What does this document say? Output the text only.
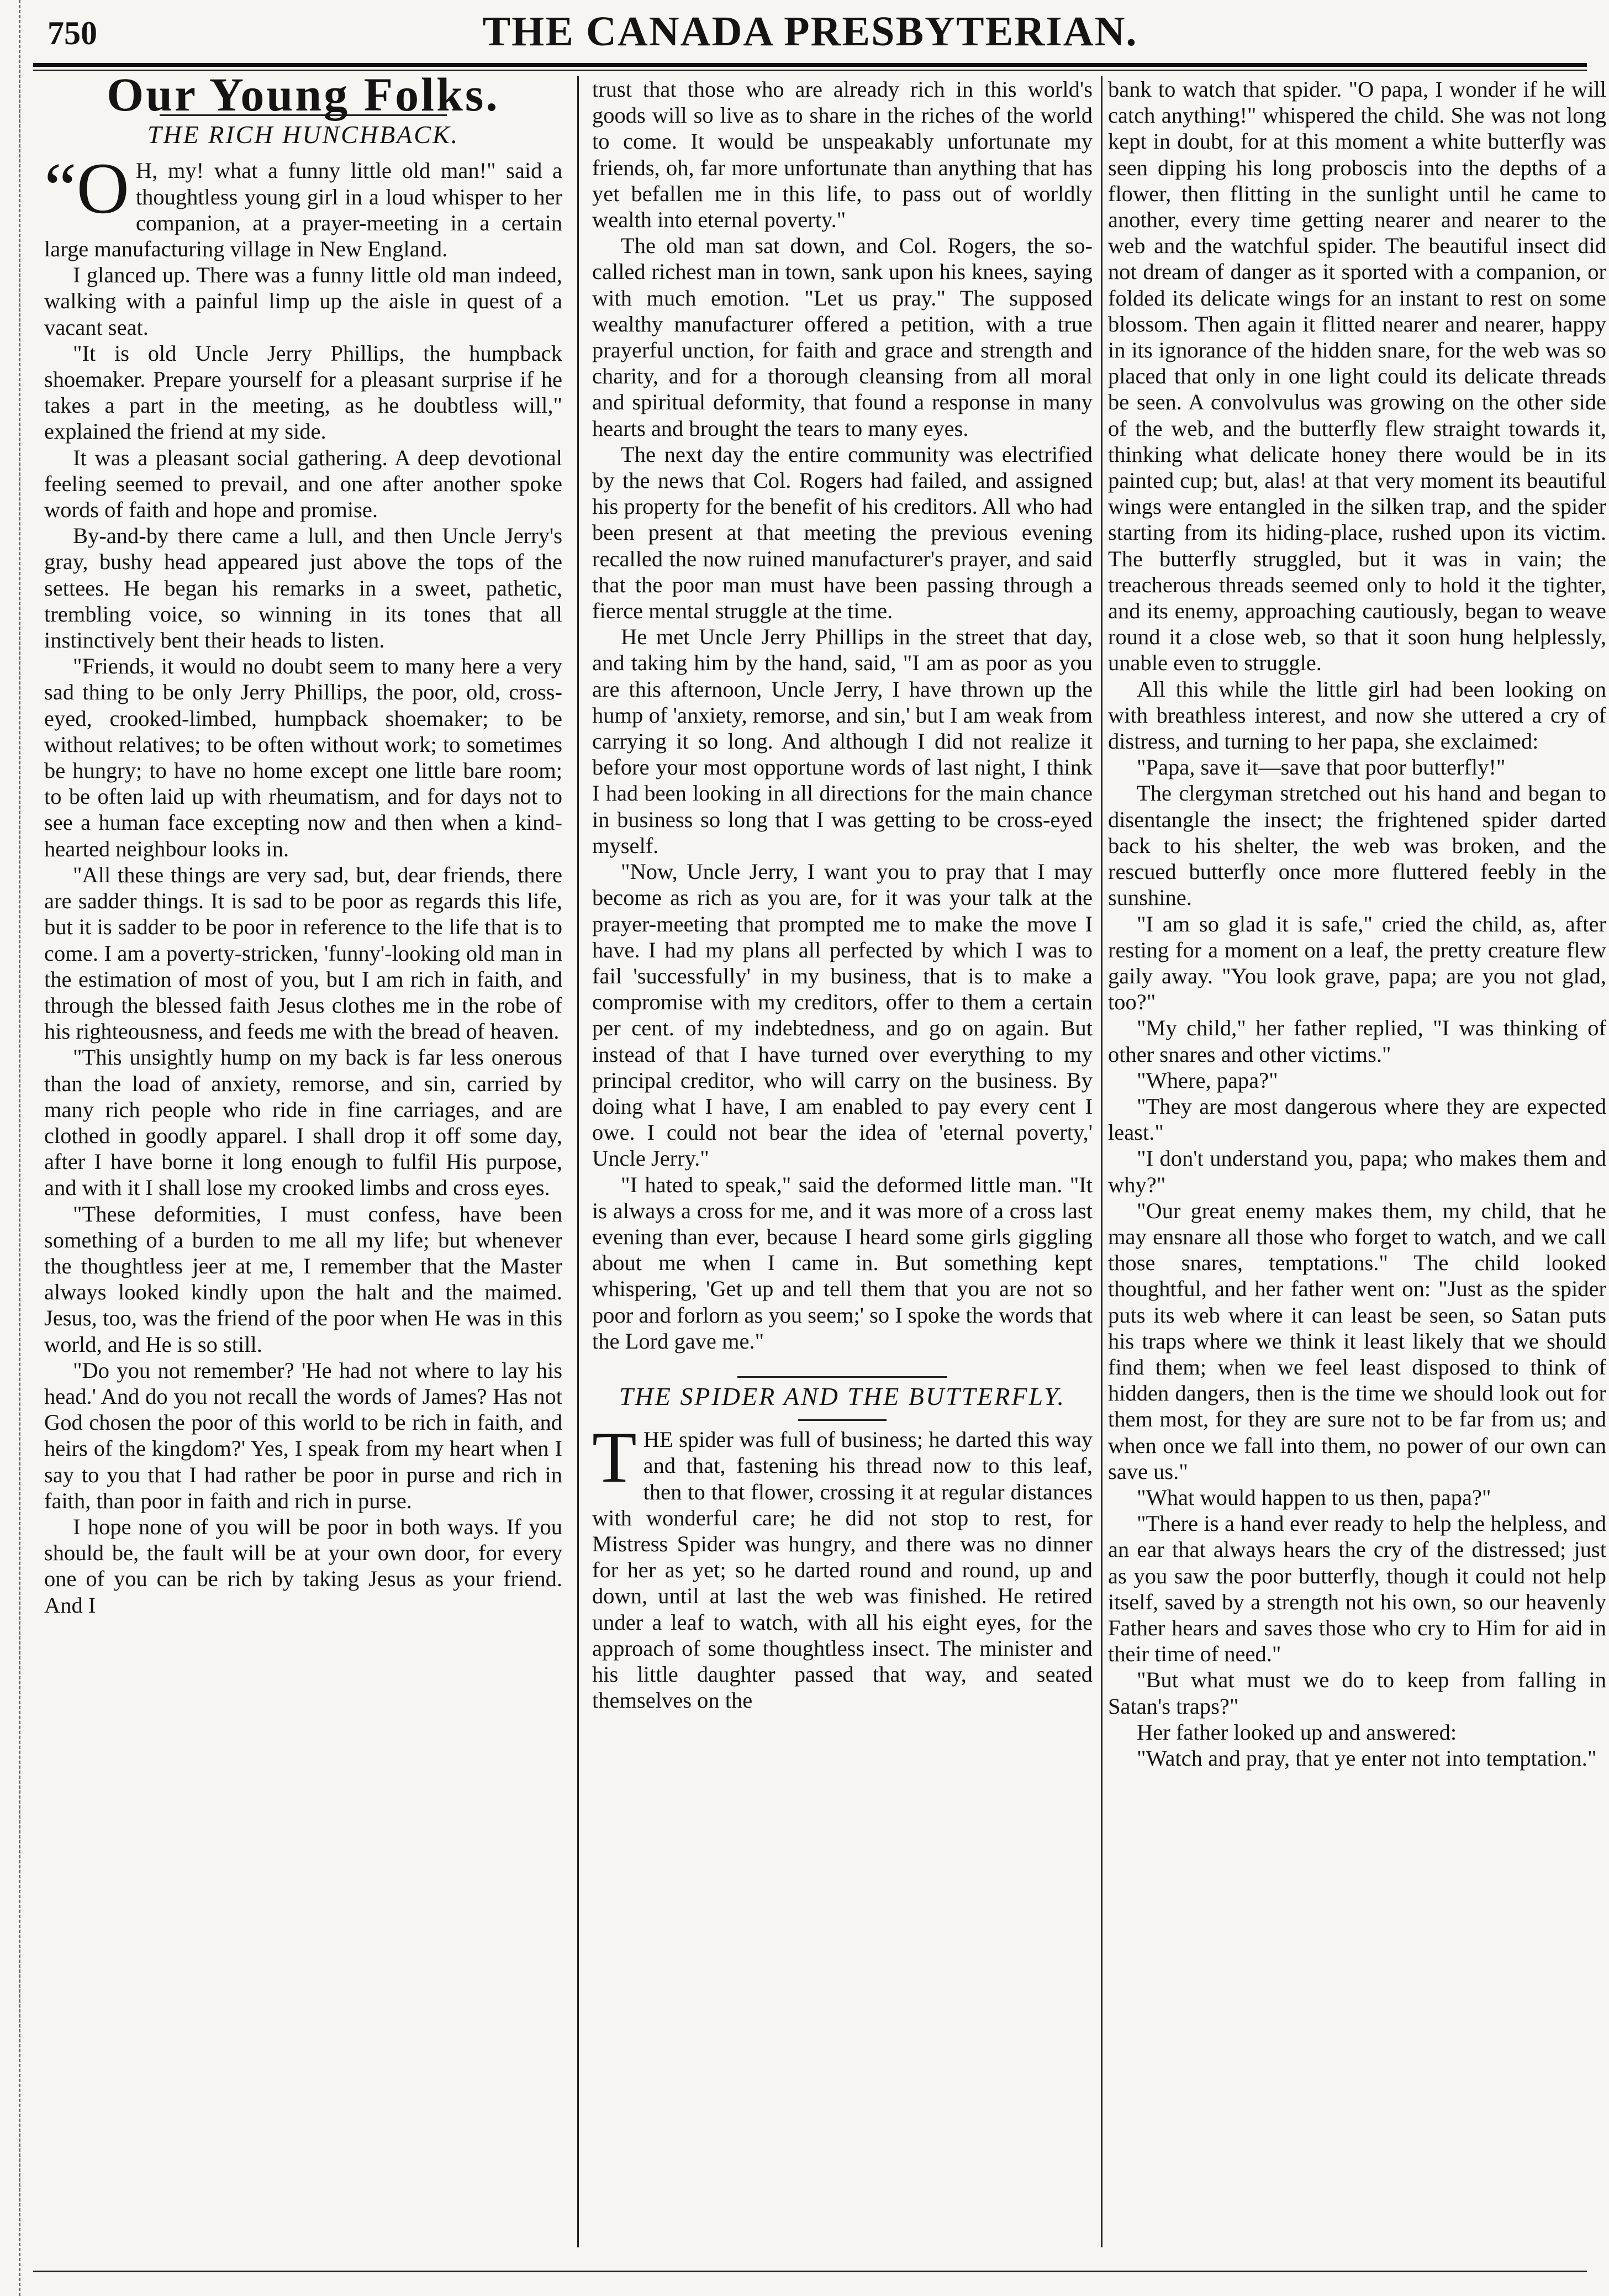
750	THE CANADA PRESBYTERIAN.
Our Young Folks.
THE RICH HUNCHBACK.

“O H, my! what a funny little old man!" said a thoughtless young girl in a loud whisper to her companion, at a prayer-meeting in a certain large manufacturing village in New England.

I glanced up. There was a funny little old man indeed, walking with a painful limp up the aisle in quest of a vacant seat.

"It is old Uncle Jerry Phillips, the humpback shoemaker. Prepare yourself for a pleasant surprise if he takes a part in the meeting, as he doubtless will," explained the friend at my side.

It was a pleasant social gathering. A deep devotional feeling seemed to prevail, and one after another spoke words of faith and hope and promise.

By-and-by there came a lull, and then Uncle Jerry's gray, bushy head appeared just above the tops of the settees. He began his remarks in a sweet, pathetic, trembling voice, so winning in its tones that all instinctively bent their heads to listen.

"Friends, it would no doubt seem to many here a very sad thing to be only Jerry Phillips, the poor, old, cross-eyed, crooked-limbed, humpback shoemaker; to be without relatives; to be often without work; to sometimes be hungry; to have no home except one little bare room; to be often laid up with rheumatism, and for days not to see a human face excepting now and then when a kind-hearted neighbour looks in.

"All these things are very sad, but, dear friends, there are sadder things. It is sad to be poor as regards this life, but it is sadder to be poor in reference to the life that is to come. I am a poverty-stricken, 'funny'-looking old man in the estimation of most of you, but I am rich in faith, and through the blessed faith Jesus clothes me in the robe of his righteousness, and feeds me with the bread of heaven.

"This unsightly hump on my back is far less onerous than the load of anxiety, remorse, and sin, carried by many rich people who ride in fine carriages, and are clothed in goodly apparel. I shall drop it off some day, after I have borne it long enough to fulfil His purpose, and with it I shall lose my crooked limbs and cross eyes.

"These deformities, I must confess, have been something of a burden to me all my life; but whenever the thoughtless jeer at me, I remember that the Master always looked kindly upon the halt and the maimed. Jesus, too, was the friend of the poor when He was in this world, and He is so still.

"Do you not remember? 'He had not where to lay his head.' And do you not recall the words of James? Has not God chosen the poor of this world to be rich in faith, and heirs of the kingdom?' Yes, I speak from my heart when I say to you that I had rather be poor in purse and rich in faith, than poor in faith and rich in purse.

I hope none of you will be poor in both ways. If you should be, the fault will be at your own door, for every one of you can be rich by taking Jesus as your friend. And I

trust that those who are already rich in this world's goods will so live as to share in the riches of the world to come. It would be unspeakably unfortunate my friends, oh, far more unfortunate than anything that has yet befallen me in this life, to pass out of worldly wealth into eternal poverty."

The old man sat down, and Col. Rogers, the so-called richest man in town, sank upon his knees, saying with much emotion. "Let us pray." The supposed wealthy manufacturer offered a petition, with a true prayerful unction, for faith and grace and strength and charity, and for a thorough cleansing from all moral and spiritual deformity, that found a response in many hearts and brought the tears to many eyes.

The next day the entire community was electrified by the news that Col. Rogers had failed, and assigned his property for the benefit of his creditors. All who had been present at that meeting the previous evening recalled the now ruined manufacturer's prayer, and said that the poor man must have been passing through a fierce mental struggle at the time.

He met Uncle Jerry Phillips in the street that day, and taking him by the hand, said, "I am as poor as you are this afternoon, Uncle Jerry, I have thrown up the hump of 'anxiety, remorse, and sin,' but I am weak from carrying it so long. And although I did not realize it before your most opportune words of last night, I think I had been looking in all directions for the main chance in business so long that I was getting to be cross-eyed myself.

"Now, Uncle Jerry, I want you to pray that I may become as rich as you are, for it was your talk at the prayer-meeting that prompted me to make the move I have. I had my plans all perfected by which I was to fail 'successfully' in my business, that is to make a compromise with my creditors, offer to them a certain per cent. of my indebtedness, and go on again. But instead of that I have turned over everything to my principal creditor, who will carry on the business. By doing what I have, I am enabled to pay every cent I owe. I could not bear the idea of 'eternal poverty,' Uncle Jerry."

"I hated to speak," said the deformed little man. "It is always a cross for me, and it was more of a cross last evening than ever, because I heard some girls giggling about me when I came in. But something kept whispering, 'Get up and tell them that you are not so poor and forlorn as you seem;' so I spoke the words that the Lord gave me."

THE SPIDER AND THE BUTTERFLY.

THE spider was full of business; he darted this way and that, fastening his thread now to this leaf, then to that flower, crossing it at regular distances with wonderful care; he did not stop to rest, for Mistress Spider was hungry, and there was no dinner for her as yet; so he darted round and round, up and down, until at last the web was finished. He retired under a leaf to watch, with all his eight eyes, for the approach of some thoughtless insect. The minister and his little daughter passed that way, and seated themselves on the

bank to watch that spider. "O papa, I wonder if he will catch anything!" whispered the child. She was not long kept in doubt, for at this moment a white butterfly was seen dipping his long proboscis into the depths of a flower, then flitting in the sunlight until he came to another, every time getting nearer and nearer to the web and the watchful spider. The beautiful insect did not dream of danger as it sported with a companion, or folded its delicate wings for an instant to rest on some blossom. Then again it flitted nearer and nearer, happy in its ignorance of the hidden snare, for the web was so placed that only in one light could its delicate threads be seen. A convolvulus was growing on the other side of the web, and the butterfly flew straight towards it, thinking what delicate honey there would be in its painted cup; but, alas! at that very moment its beautiful wings were entangled in the silken trap, and the spider starting from its hiding-place, rushed upon its victim. The butterfly struggled, but it was in vain; the treacherous threads seemed only to hold it the tighter, and its enemy, approaching cautiously, began to weave round it a close web, so that it soon hung helplessly, unable even to struggle.

All this while the little girl had been looking on with breathless interest, and now she uttered a cry of distress, and turning to her papa, she exclaimed:

"Papa, save it—save that poor butterfly!"

The clergyman stretched out his hand and began to disentangle the insect; the frightened spider darted back to his shelter, the web was broken, and the rescued butterfly once more fluttered feebly in the sunshine.

"I am so glad it is safe," cried the child, as, after resting for a moment on a leaf, the pretty creature flew gaily away. "You look grave, papa; are you not glad, too?"

"My child," her father replied, "I was thinking of other snares and other victims."

"Where, papa?"

"They are most dangerous where they are expected least."

"I don't understand you, papa; who makes them and why?"

"Our great enemy makes them, my child, that he may ensnare all those who forget to watch, and we call those snares, temptations." The child looked thoughtful, and her father went on: "Just as the spider puts its web where it can least be seen, so Satan puts his traps where we think it least likely that we should find them; when we feel least disposed to think of hidden dangers, then is the time we should look out for them most, for they are sure not to be far from us; and when once we fall into them, no power of our own can save us."

"What would happen to us then, papa?"

"There is a hand ever ready to help the helpless, and an ear that always hears the cry of the distressed; just as you saw the poor butterfly, though it could not help itself, saved by a strength not his own, so our heavenly Father hears and saves those who cry to Him for aid in their time of need."

"But what must we do to keep from falling in Satan's traps?"

Her father looked up and answered:

"Watch and pray, that ye enter not into temptation."
